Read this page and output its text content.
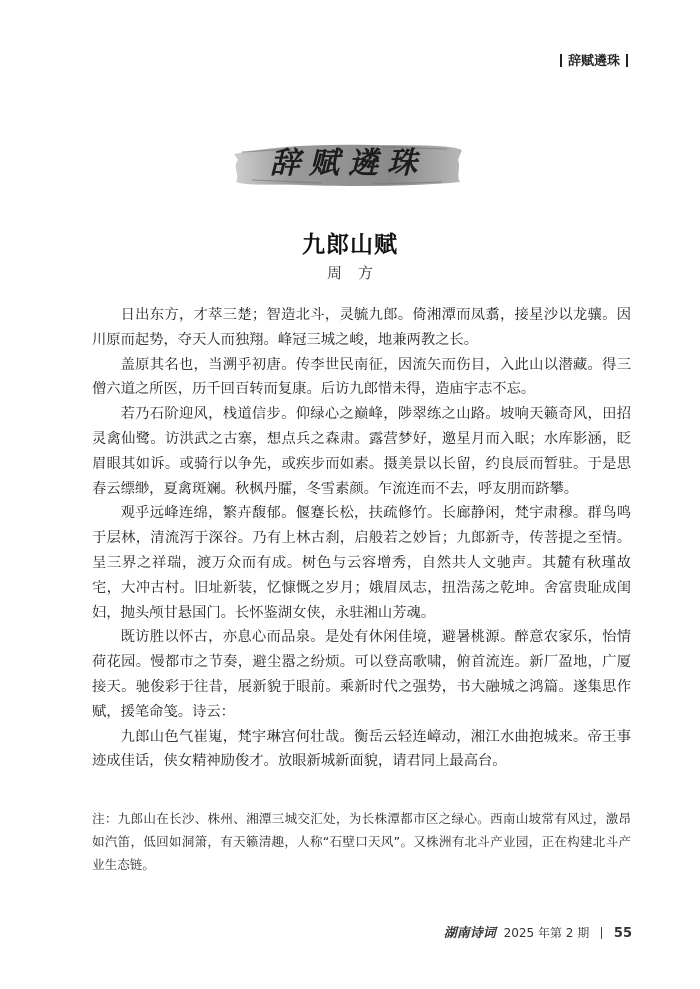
辞赋遴珠
辞赋遴珠
九郎山赋
周方

日出东方，才萃三楚；智造北斗，灵毓九郎。倚湘潭而凤翥，接星沙以龙骧。因川原而起势，夺天人而独翔。峰冠三城之峻，地兼两教之长。

盖原其名也，当溯乎初唐。传李世民南征，因流矢而伤目，入此山以潜藏。得三僧六道之所医，历千回百转而复康。后访九郎惜未得，造庙宇志不忘。

若乃石阶迎风，栈道信步。仰绿心之巅峰，陟翠练之山路。坡响天籁奇风，田招灵禽仙鹭。访洪武之古寨，想点兵之森肃。露营梦好，邀星月而入眠；水库影涵，眨眉眼其如诉。或骑行以争先，或疾步而如素。摄美景以长留，约良辰而暂驻。于是思春云缥缈，夏禽斑斓。秋枫丹臛，冬雪素颜。乍流连而不去，呼友朋而跻攀。

观乎远峰连绵，繁卉馥郁。偃蹇长松，扶疏修竹。长廊静闲，梵宇肃穆。群鸟鸣于层林，清流泻于深谷。乃有上林古刹，启般若之妙旨；九郎新寺，传菩提之至情。呈三界之祥瑞，渡万众而有成。树色与云容增秀，自然共人文驰声。其麓有秋瑾故宅，大冲古村。旧址新装，忆慷慨之岁月；娥眉凤志，扭浩荡之乾坤。舍富贵耻成闺妇，抛头颅甘悬国门。长怀鉴湖女侠，永驻湘山芳魂。

既访胜以怀古，亦息心而品泉。是处有休闲佳境，避暑桃源。醉意农家乐，怡情荷花园。慢都市之节奏，避尘嚣之纷烦。可以登高歌啸，俯首流连。新厂盈地，广厦接天。驰俊彩于往昔，展新貌于眼前。乘新时代之强势，书大融城之鸿篇。遂集思作赋，援笔命笺。诗云：

九郎山色气崔嵬，梵宇琳宫何壮哉。衡岳云轻连嶂动，湘江水曲抱城来。帝王事迹成佳话，侠女精神励俊才。放眼新城新面貌，请君同上最高台。

注：九郎山在长沙、株州、湘潭三城交汇处，为长株潭都市区之绿心。西南山坡常有风过，激昂如汽笛，低回如洞箫，有天籁清趣，人称“石壁口天风”。又株洲有北斗产业园，正在构建北斗产业生态链。
湖南诗词 2025 年第 2 期 55
